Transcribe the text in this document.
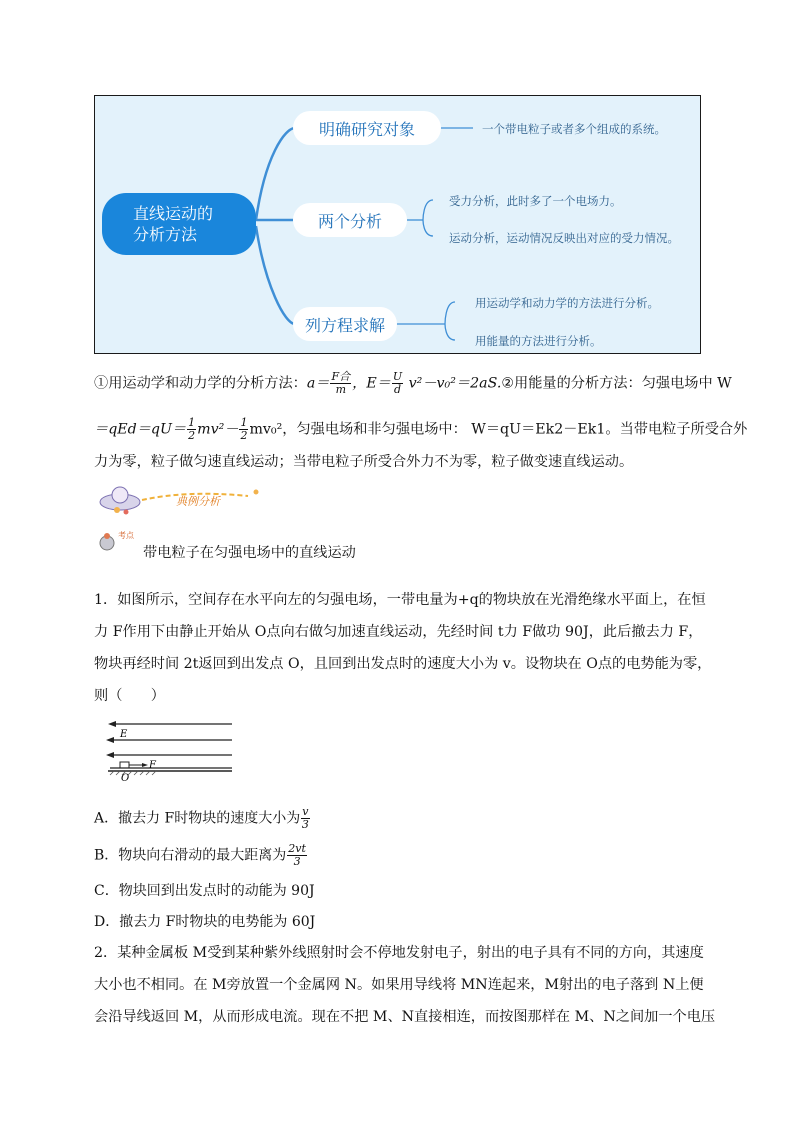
直线运动的
分析方法
明确研究对象
两个分析
列方程求解
一个带电粒子或者多个组成的系统。
受力分析，此时多了一个电场力。
运动分析，运动情况反映出对应的受力情况。
用运动学和动力学的方法进行分析。
用能量的方法进行分析。
①用运动学和动力学的分析方法：$a= \frac{\text{F合}}{m}$ ，$E= \frac{U}{d}$ v²－v₀²＝2aS.②用能量的分析方法：匀强电场中 W
$=qEd=qU= \frac{1}{2} mv^2- \frac{1}{2} mv_0^2$，匀强电场和非匀强电场中： W＝qU＝Ek2－Ek1。当带电粒子所受合外
力为零，粒子做匀速直线运动；当带电粒子所受合外力不为零，粒子做变速直线运动。
典例分析
考点
带电粒子在匀强电场中的直线运动
1．如图所示，空间存在水平向左的匀强电场，一带电量为+q的物块放在光滑绝缘水平面上，在恒
力 F作用下由静止开始从 O点向右做匀加速直线运动，先经时间 t力 F做功 90J，此后撤去力 F，
物块再经时间 2t返回到出发点 O，且回到出发点时的速度大小为 v。设物块在 O点的电势能为零，
则（　　）
E
F
O
A．撤去力 F时物块的速度大小为 $\frac{v}{3}$
B．物块向右滑动的最大距离为 $\frac{2vt}{3}$
C．物块回到出发点时的动能为 90J
D．撤去力 F时物块的电势能为 60J
2．某种金属板 M受到某种紫外线照射时会不停地发射电子，射出的电子具有不同的方向，其速度
大小也不相同。在 M旁放置一个金属网 N。如果用导线将 MN连起来，M射出的电子落到 N上便
会沿导线返回 M，从而形成电流。现在不把 M、N直接相连，而按图那样在 M、N之间加一个电压
